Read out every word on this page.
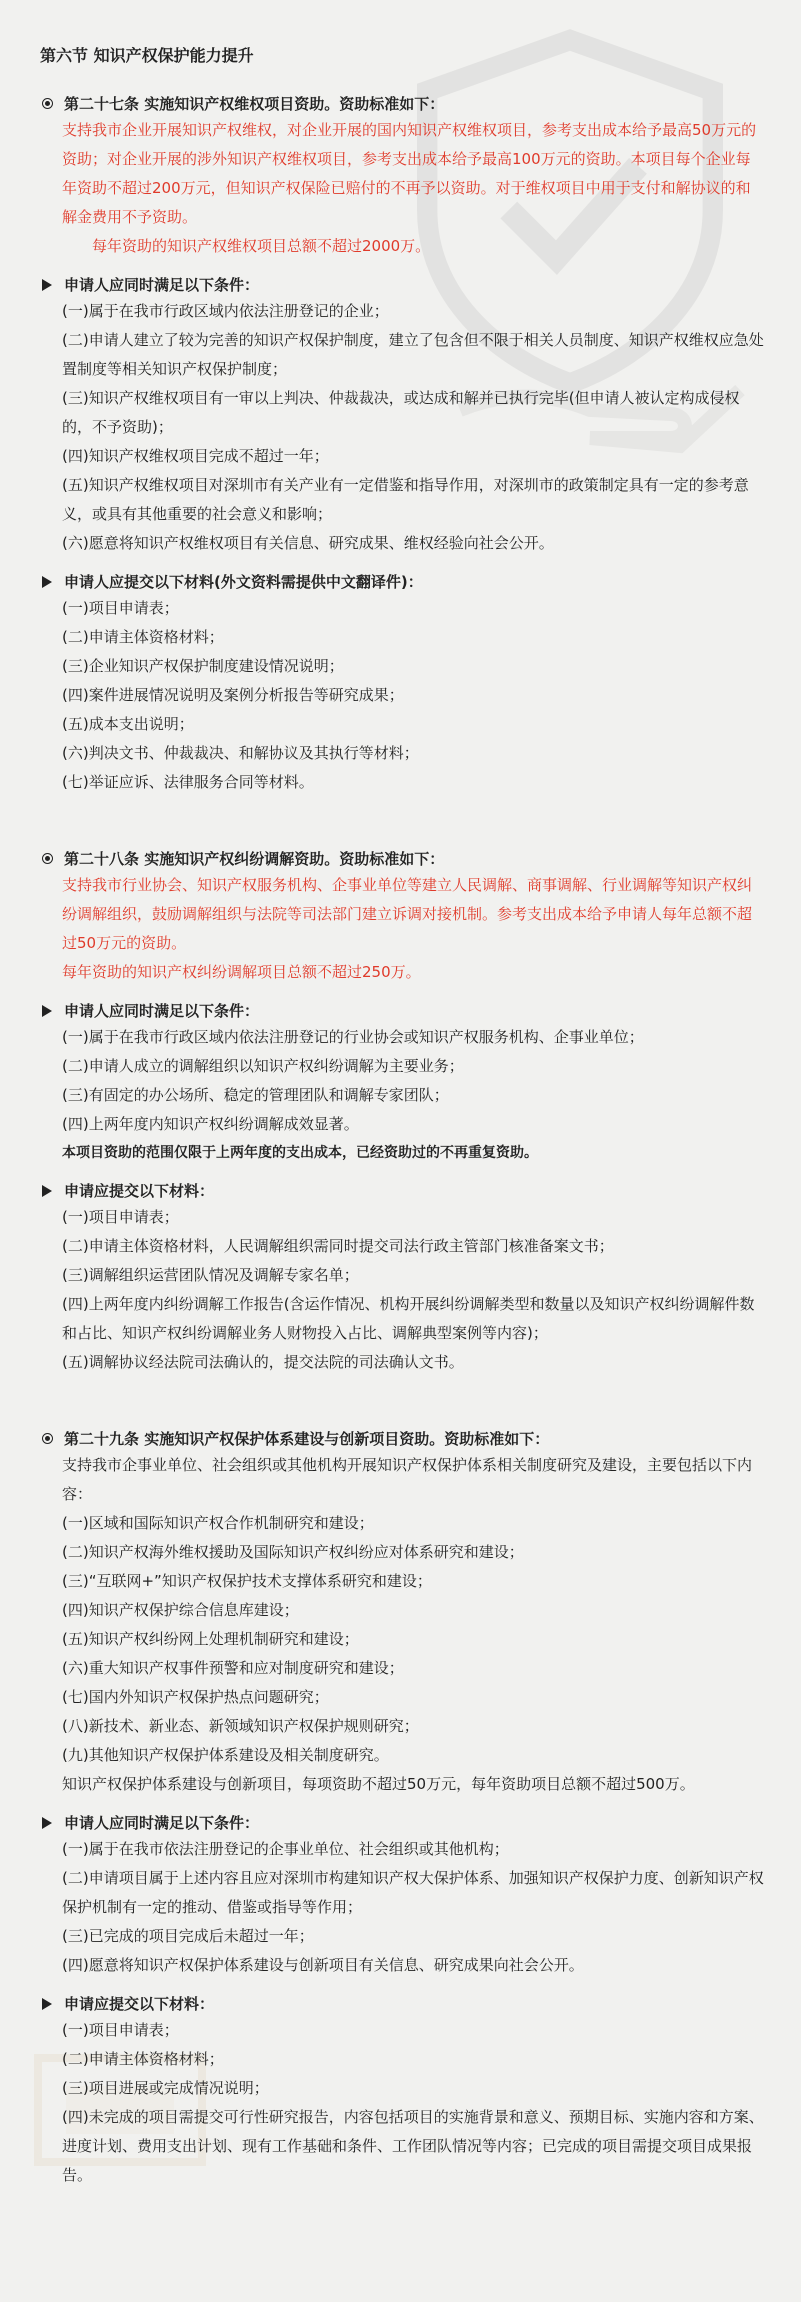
第六节 知识产权保护能力提升
第二十七条 实施知识产权维权项目资助。资助标准如下：

支持我市企业开展知识产权维权，对企业开展的国内知识产权维权项目，参考支出成本给予最高50万元的资助；对企业开展的涉外知识产权维权项目，参考支出成本给予最高100万元的资助。本项目每个企业每年资助不超过200万元，但知识产权保险已赔付的不再予以资助。对于维权项目中用于支付和解协议的和解金费用不予资助。

每年资助的知识产权维权项目总额不超过2000万。

申请人应同时满足以下条件：
(一)属于在我市行政区域内依法注册登记的企业；
(二)申请人建立了较为完善的知识产权保护制度，建立了包含但不限于相关人员制度、知识产权维权应急处置制度等相关知识产权保护制度；
(三)知识产权维权项目有一审以上判决、仲裁裁决，或达成和解并已执行完毕(但申请人被认定构成侵权的，不予资助)；
(四)知识产权维权项目完成不超过一年；
(五)知识产权维权项目对深圳市有关产业有一定借鉴和指导作用，对深圳市的政策制定具有一定的参考意义，或具有其他重要的社会意义和影响；
(六)愿意将知识产权维权项目有关信息、研究成果、维权经验向社会公开。
申请人应提交以下材料(外文资料需提供中文翻译件)：
(一)项目申请表；
(二)申请主体资格材料；
(三)企业知识产权保护制度建设情况说明；
(四)案件进展情况说明及案例分析报告等研究成果；
(五)成本支出说明；
(六)判决文书、仲裁裁决、和解协议及其执行等材料；
(七)举证应诉、法律服务合同等材料。
第二十八条 实施知识产权纠纷调解资助。资助标准如下：

支持我市行业协会、知识产权服务机构、企事业单位等建立人民调解、商事调解、行业调解等知识产权纠纷调解组织，鼓励调解组织与法院等司法部门建立诉调对接机制。参考支出成本给予申请人每年总额不超过50万元的资助。

每年资助的知识产权纠纷调解项目总额不超过250万。

申请人应同时满足以下条件：
(一)属于在我市行政区域内依法注册登记的行业协会或知识产权服务机构、企事业单位；
(二)申请人成立的调解组织以知识产权纠纷调解为主要业务；
(三)有固定的办公场所、稳定的管理团队和调解专家团队；
(四)上两年度内知识产权纠纷调解成效显著。
本项目资助的范围仅限于上两年度的支出成本，已经资助过的不再重复资助。
申请应提交以下材料：
(一)项目申请表；
(二)申请主体资格材料，人民调解组织需同时提交司法行政主管部门核准备案文书；
(三)调解组织运营团队情况及调解专家名单；
(四)上两年度内纠纷调解工作报告(含运作情况、机构开展纠纷调解类型和数量以及知识产权纠纷调解件数和占比、知识产权纠纷调解业务人财物投入占比、调解典型案例等内容)；
(五)调解协议经法院司法确认的，提交法院的司法确认文书。
第二十九条 实施知识产权保护体系建设与创新项目资助。资助标准如下：

支持我市企事业单位、社会组织或其他机构开展知识产权保护体系相关制度研究及建设，主要包括以下内容：

(一)区域和国际知识产权合作机制研究和建设；
(二)知识产权海外维权援助及国际知识产权纠纷应对体系研究和建设；
(三)“互联网+”知识产权保护技术支撑体系研究和建设；
(四)知识产权保护综合信息库建设；
(五)知识产权纠纷网上处理机制研究和建设；
(六)重大知识产权事件预警和应对制度研究和建设；
(七)国内外知识产权保护热点问题研究；
(八)新技术、新业态、新领域知识产权保护规则研究；
(九)其他知识产权保护体系建设及相关制度研究。

知识产权保护体系建设与创新项目，每项资助不超过50万元，每年资助项目总额不超过500万。

申请人应同时满足以下条件：
(一)属于在我市依法注册登记的企事业单位、社会组织或其他机构；
(二)申请项目属于上述内容且应对深圳市构建知识产权大保护体系、加强知识产权保护力度、创新知识产权保护机制有一定的推动、借鉴或指导等作用；
(三)已完成的项目完成后未超过一年；
(四)愿意将知识产权保护体系建设与创新项目有关信息、研究成果向社会公开。
申请应提交以下材料：
(一)项目申请表；
(二)申请主体资格材料；
(三)项目进展或完成情况说明；
(四)未完成的项目需提交可行性研究报告，内容包括项目的实施背景和意义、预期目标、实施内容和方案、进度计划、费用支出计划、现有工作基础和条件、工作团队情况等内容；已完成的项目需提交项目成果报告。
